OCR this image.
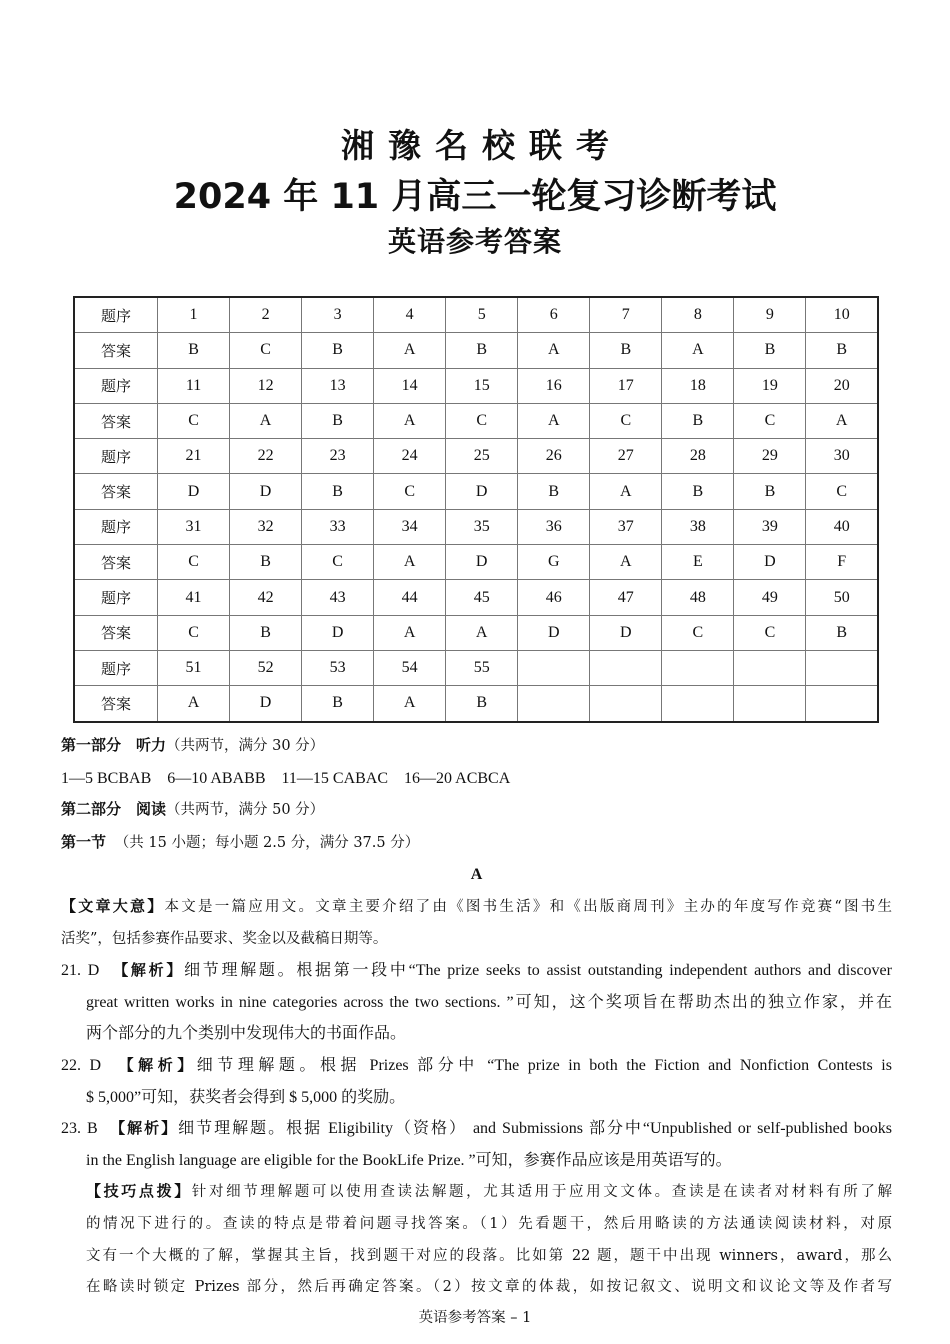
湘豫名校联考
2024 年 11 月高三一轮复习诊断考试
英语参考答案
题序	1	2	3	4	5	6	7	8	9	10
答案	B	C	B	A	B	A	B	A	B	B
题序	11	12	13	14	15	16	17	18	19	20
答案	C	A	B	A	C	A	C	B	C	A
题序	21	22	23	24	25	26	27	28	29	30
答案	D	D	B	C	D	B	A	B	B	C
题序	31	32	33	34	35	36	37	38	39	40
答案	C	B	C	A	D	G	A	E	D	F
题序	41	42	43	44	45	46	47	48	49	50
答案	C	B	D	A	A	D	D	C	C	B
题序	51	52	53	54	55					
答案	A	D	B	A	B					
第一部分　听力（共两节，满分 30 分）
1—5 BCBAB　6—10 ABABB　11—15 CABAC　16—20 ACBCA
第二部分　阅读（共两节，满分 50 分）
第一节　 （共 15 小题；每小题 2.5 分，满分 37.5 分）
A
【文章大意】本文是一篇应用文。文章主要介绍了由《图书生活》和《出版商周刊》主办的年度写作竞赛“图书生
活奖”，包括参赛作品要求、奖金以及截稿日期等。
21. D　 【解析】细节理解题。根据第一段中“The prize seeks to assist outstanding independent authors and discover
great written works in nine categories across the two sections. ”可知，这个奖项旨在帮助杰出的独立作家，并在
两个部分的九个类别中发现伟大的书面作品。
22. D　 【解析】细节理解题。根据 Prizes 部分中 “The prize in both the Fiction and Nonfiction Contests is
$ 5,000”可知，获奖者会得到 $ 5,000 的奖励。
23. B　 【解析】细节理解题。根据 Eligibility（资格） and Submissions 部分中“Unpublished or self-published books
in the English language are eligible for the BookLife Prize. ”可知，参赛作品应该是用英语写的。
【技巧点拨】针对细节理解题可以使用查读法解题，尤其适用于应用文文体。查读是在读者对材料有所了解
的情况下进行的。查读的特点是带着问题寻找答案。（1）先看题干，然后用略读的方法通读阅读材料，对原
文有一个大概的了解，掌握其主旨，找到题干对应的段落。比如第 22 题，题干中出现 winners，award，那么
在略读时锁定 Prizes 部分，然后再确定答案。（2）按文章的体裁，如按记叙文、说明文和议论文等及作者写
英语参考答案 – 1
